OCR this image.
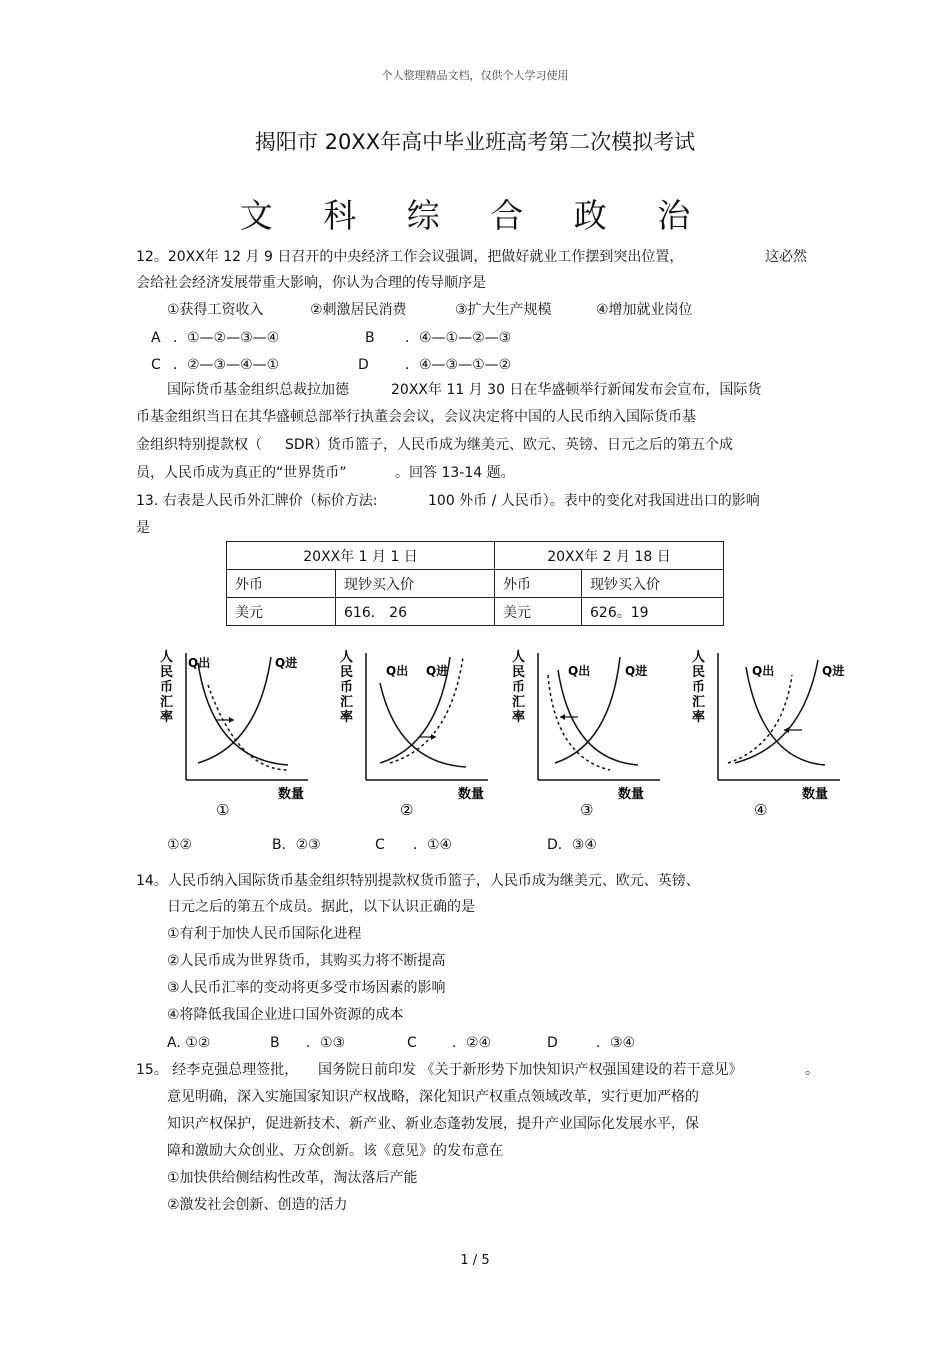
个人整理精品文档，仅供个人学习使用
揭阳市 20XX年高中毕业班高考第二次模拟考试
文 科 综 合 政 治
12。20XX年 12 月 9 日召开的中央经济工作会议强调，把做好就业工作摆到突出位置，	这必然
会给社会经济发展带重大影响，你认为合理的传导顺序是
①获得工资收入	②刺激居民消费	③扩大生产规模	④增加就业岗位
A ．①—②—③—④	B ．④—①—②—③
C ．②—③—④—①	D	．④—③—①—②
国际货币基金组织总裁拉加德	20XX年 11 月 30 日在华盛顿举行新闻发布会宣布，国际货
币基金组织当日在其华盛顿总部举行执董会会议，会议决定将中国的人民币纳入国际货币基
金组织特别提款权（ SDR）
货币篮子，人民币成为继美元、欧元、英镑、日元之后的第五个成
员，人民币成为真正的“世界货币”	。回答 13-14 题。
13. 右表是人民币外汇牌价（标价方法:	100 外币 / 人民币）。表中的变化对我国进出口的影响
是
20XX年 1 月 1 日		20XX年 2 月 18 日	
外币	现钞买入价	外币	现钞买入价
美元	616． 26	美元	626。19
人
民
币
汇
率
Q出	Q进
数量
①
人
民
币
汇
率
Q出 Q进
数量
②
人
民
币
汇
率
Q出	Q进
数量
③
人
民
币
汇
率
Q出	Q进
数量
④
①②	B．②③	C ．①④	D．③④
14。人民币纳入国际货币基金组织特别提款权货币篮子，人民币成为继美元、欧元、英镑、
日元之后的第五个成员。据此，以下认识正确的是
①有利于加快人民币国际化进程
②人民币成为世界货币，其购买力将不断提高
③人民币汇率的变动将更多受市场因素的影响
④将降低我国企业进口国外资源的成本
A. ①②	B ．①③	C	．②④	D	．③④
15。 经李克强总理签批， 国务院日前印发 《关于新形势下加快知识产权强国建设的若干意见》	。
意见明确，深入实施国家知识产权战略，深化知识产权重点领域改革，实行更加严格的
知识产权保护，促进新技术、新产业、新业态蓬勃发展，提升产业国际化发展水平，保
障和激励大众创业、万众创新。该《意见》的发布意在
①加快供给侧结构性改革，淘汰落后产能
②激发社会创新、创造的活力
1 / 5
